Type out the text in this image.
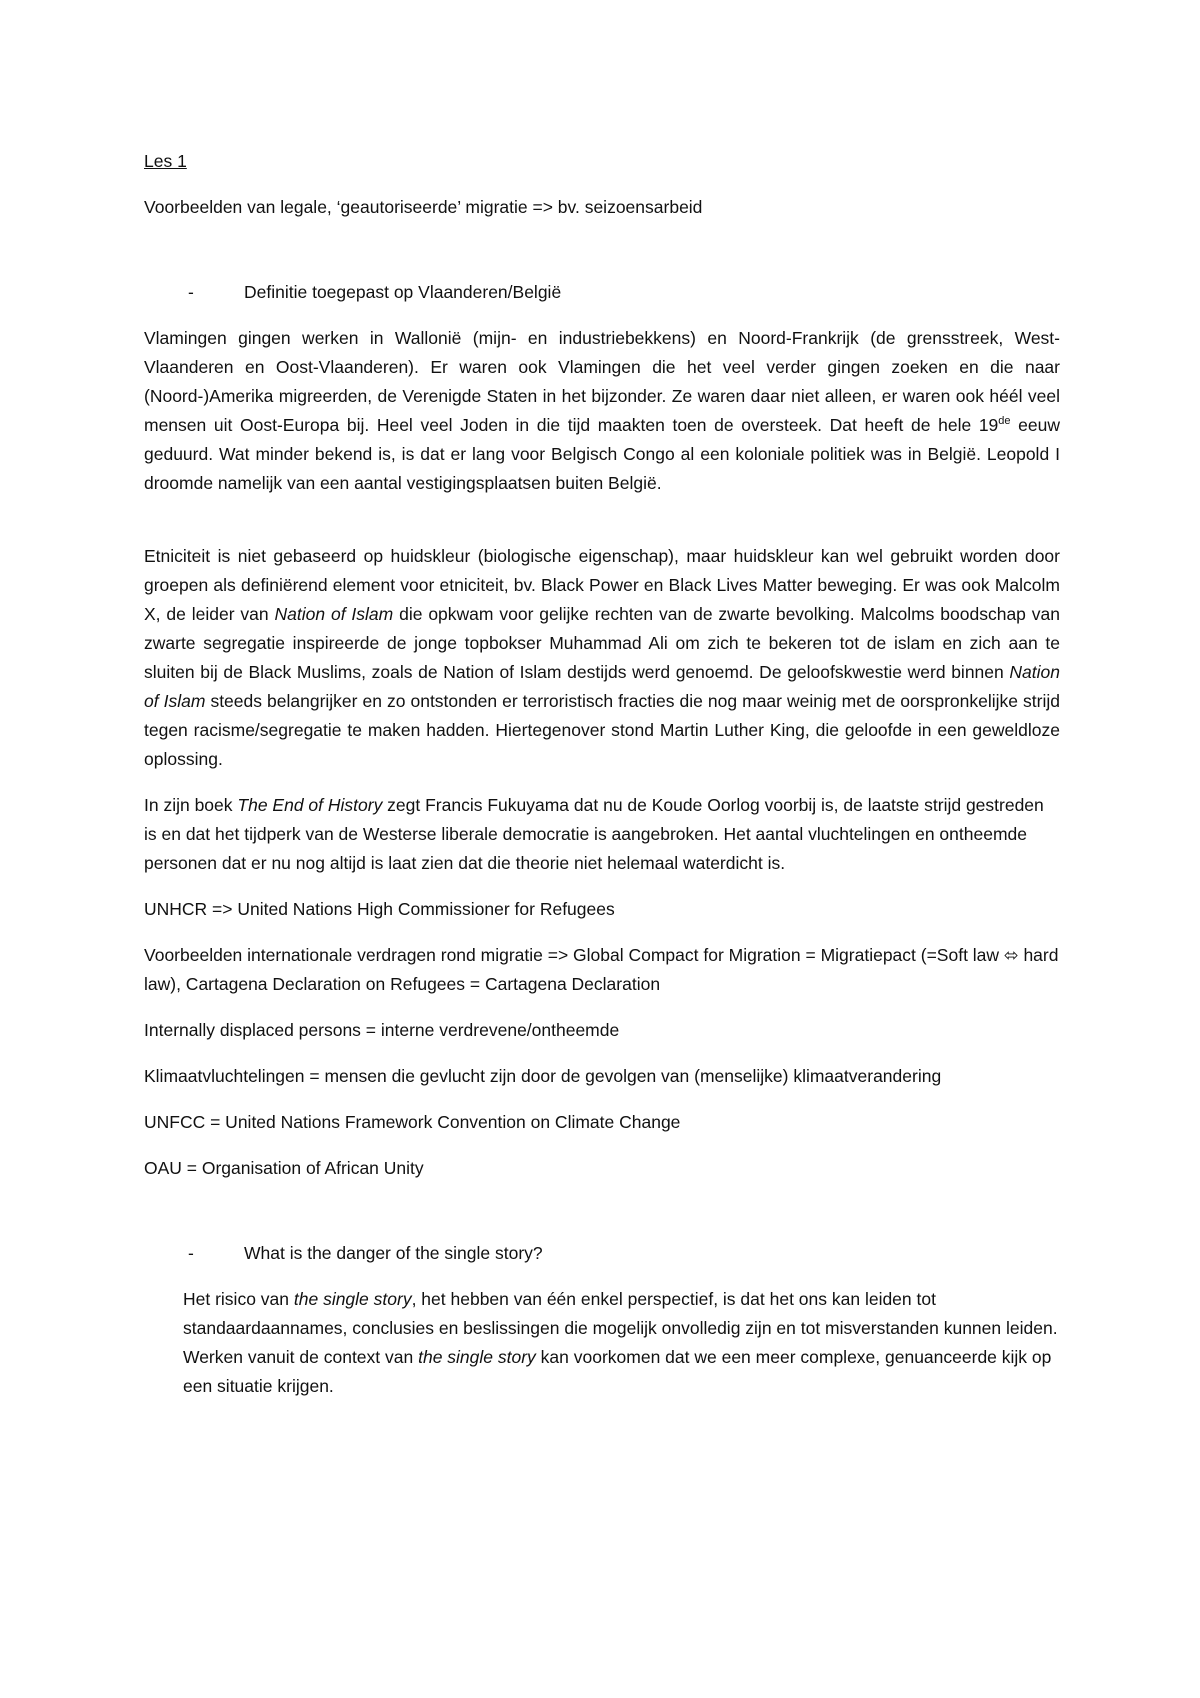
Les 1

Voorbeelden van legale, ‘geautoriseerde’ migratie => bv. seizoensarbeid

-	Definitie toegepast op Vlaanderen/België

Vlamingen gingen werken in Wallonië (mijn- en industriebekkens) en Noord-Frankrijk (de grensstreek, West-Vlaanderen en Oost-Vlaanderen). Er waren ook Vlamingen die het veel verder gingen zoeken en die naar (Noord-)Amerika migreerden, de Verenigde Staten in het bijzonder. Ze waren daar niet alleen, er waren ook héél veel mensen uit Oost-Europa bij. Heel veel Joden in die tijd maakten toen de oversteek. Dat heeft de hele 19de eeuw geduurd. Wat minder bekend is, is dat er lang voor Belgisch Congo al een koloniale politiek was in België. Leopold I droomde namelijk van een aantal vestigingsplaatsen buiten België.

Etniciteit is niet gebaseerd op huidskleur (biologische eigenschap), maar huidskleur kan wel gebruikt worden door groepen als definiërend element voor etniciteit, bv. Black Power en Black Lives Matter beweging. Er was ook Malcolm X, de leider van Nation of Islam die opkwam voor gelijke rechten van de zwarte bevolking. Malcolms boodschap van zwarte segregatie inspireerde de jonge topbokser Muhammad Ali om zich te bekeren tot de islam en zich aan te sluiten bij de Black Muslims, zoals de Nation of Islam destijds werd genoemd. De geloofskwestie werd binnen Nation of Islam steeds belangrijker en zo ontstonden er terroristisch fracties die nog maar weinig met de oorspronkelijke strijd tegen racisme/segregatie te maken hadden. Hiertegenover stond Martin Luther King, die geloofde in een geweldloze oplossing.

In zijn boek The End of History zegt Francis Fukuyama dat nu de Koude Oorlog voorbij is, de laatste strijd gestreden is en dat het tijdperk van de Westerse liberale democratie is aangebroken. Het aantal vluchtelingen en ontheemde personen dat er nu nog altijd is laat zien dat die theorie niet helemaal waterdicht is.

UNHCR => United Nations High Commissioner for Refugees

Voorbeelden internationale verdragen rond migratie => Global Compact for Migration = Migratiepact (=Soft law ⬄ hard law), Cartagena Declaration on Refugees = Cartagena Declaration

Internally displaced persons = interne verdrevene/ontheemde

Klimaatvluchtelingen = mensen die gevlucht zijn door de gevolgen van (menselijke) klimaatverandering

UNFCC = United Nations Framework Convention on Climate Change

OAU = Organisation of African Unity

-	What is the danger of the single story?

Het risico van the single story, het hebben van één enkel perspectief, is dat het ons kan leiden tot standaardaannames, conclusies en beslissingen die mogelijk onvolledig zijn en tot misverstanden kunnen leiden. Werken vanuit de context van the single story kan voorkomen dat we een meer complexe, genuanceerde kijk op een situatie krijgen.
